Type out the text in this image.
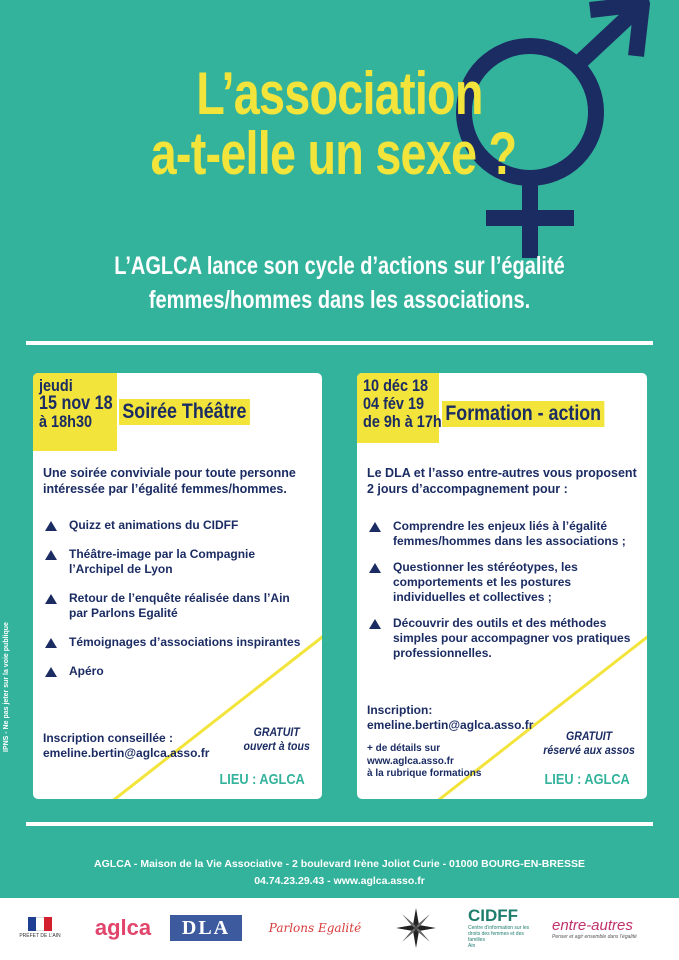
L’association
a-t-elle un sexe ?
L’AGLCA lance son cycle d’actions sur l’égalité
femmes/hommes dans les associations.
jeudi
15 nov 18
à 18h30	Soirée Théâtre
Une soirée conviviale pour toute personne intéressée par l’égalité femmes/hommes.
Quizz et animations du CIDFF
Théâtre-image par la Compagnie l’Archipel de Lyon
Retour de l’enquête réalisée dans l’Ain par Parlons Egalité
Témoignages d’associations inspirantes
Apéro
Inscription conseillée :
emeline.bertin@aglca.asso.fr
GRATUIT
ouvert à tous
LIEU : AGLCA
10 déc 18
04 fév 19
de 9h à 17h Formation - action
Le DLA et l’asso entre-autres vous proposent 2 jours d’accompagnement pour :
Comprendre les enjeux liés à l’égalité femmes/hommes dans les associations ;
Questionner les stéréotypes, les comportements et les postures individuelles et collectives ;
Découvrir des outils et des méthodes simples pour accompagner vos pratiques professionnelles.
Inscription:
emeline.bertin@aglca.asso.fr
+ de détails sur
www.aglca.asso.fr
à la rubrique formations
GRATUIT
réservé aux assos
LIEU : AGLCA
IPNS - Ne pas jeter sur la voie publique
AGLCA - Maison de la Vie Associative - 2 boulevard Irène Joliot Curie - 01000 BOURG-EN-BRESSE
04.74.23.29.43 - www.aglca.asso.fr
PRÉFET DE L’AIN	aglca	DLA	Parlons Egalité
CIDFF
Centre d’information sur les droits des femmes et des familles
Ain
entre-autres
Penser et agir ensemble dans l’égalité
